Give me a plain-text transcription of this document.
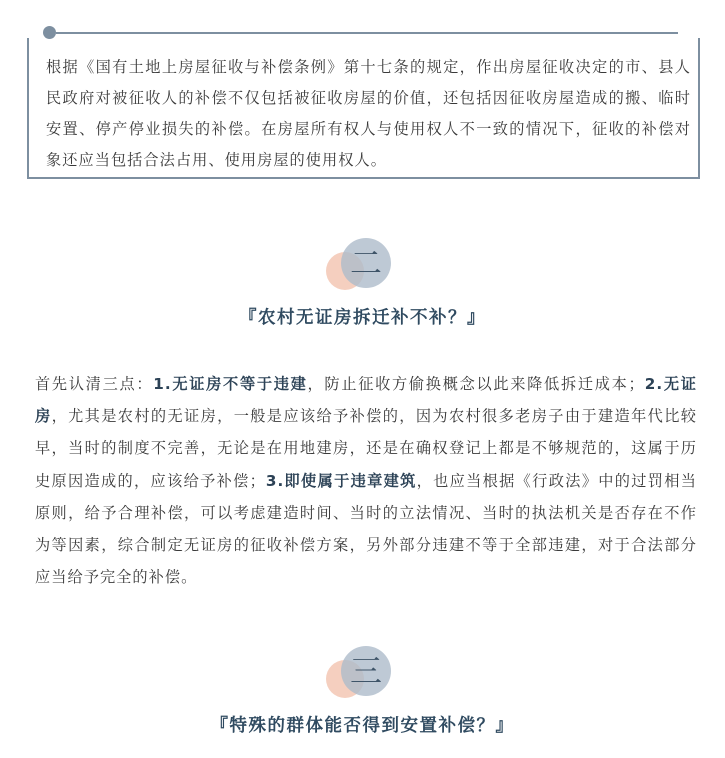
根据《国有土地上房屋征收与补偿条例》第十七条的规定，作出房屋征收决定的市、县人民政府对被征收人的补偿不仅包括被征收房屋的价值，还包括因征收房屋造成的搬、临时安置、停产停业损失的补偿。在房屋所有权人与使用权人不一致的情况下，征收的补偿对象还应当包括合法占用、使用房屋的使用权人。

二

『农村无证房拆迁补不补？』

首先认清三点：1.无证房不等于违建，防止征收方偷换概念以此来降低拆迁成本；2.无证房，尤其是农村的无证房，一般是应该给予补偿的，因为农村很多老房子由于建造年代比较早，当时的制度不完善，无论是在用地建房，还是在确权登记上都是不够规范的，这属于历史原因造成的，应该给予补偿；3.即使属于违章建筑，也应当根据《行政法》中的过罚相当原则，给予合理补偿，可以考虑建造时间、当时的立法情况、当时的执法机关是否存在不作为等因素，综合制定无证房的征收补偿方案，另外部分违建不等于全部违建，对于合法部分应当给予完全的补偿。

三

『特殊的群体能否得到安置补偿？』
